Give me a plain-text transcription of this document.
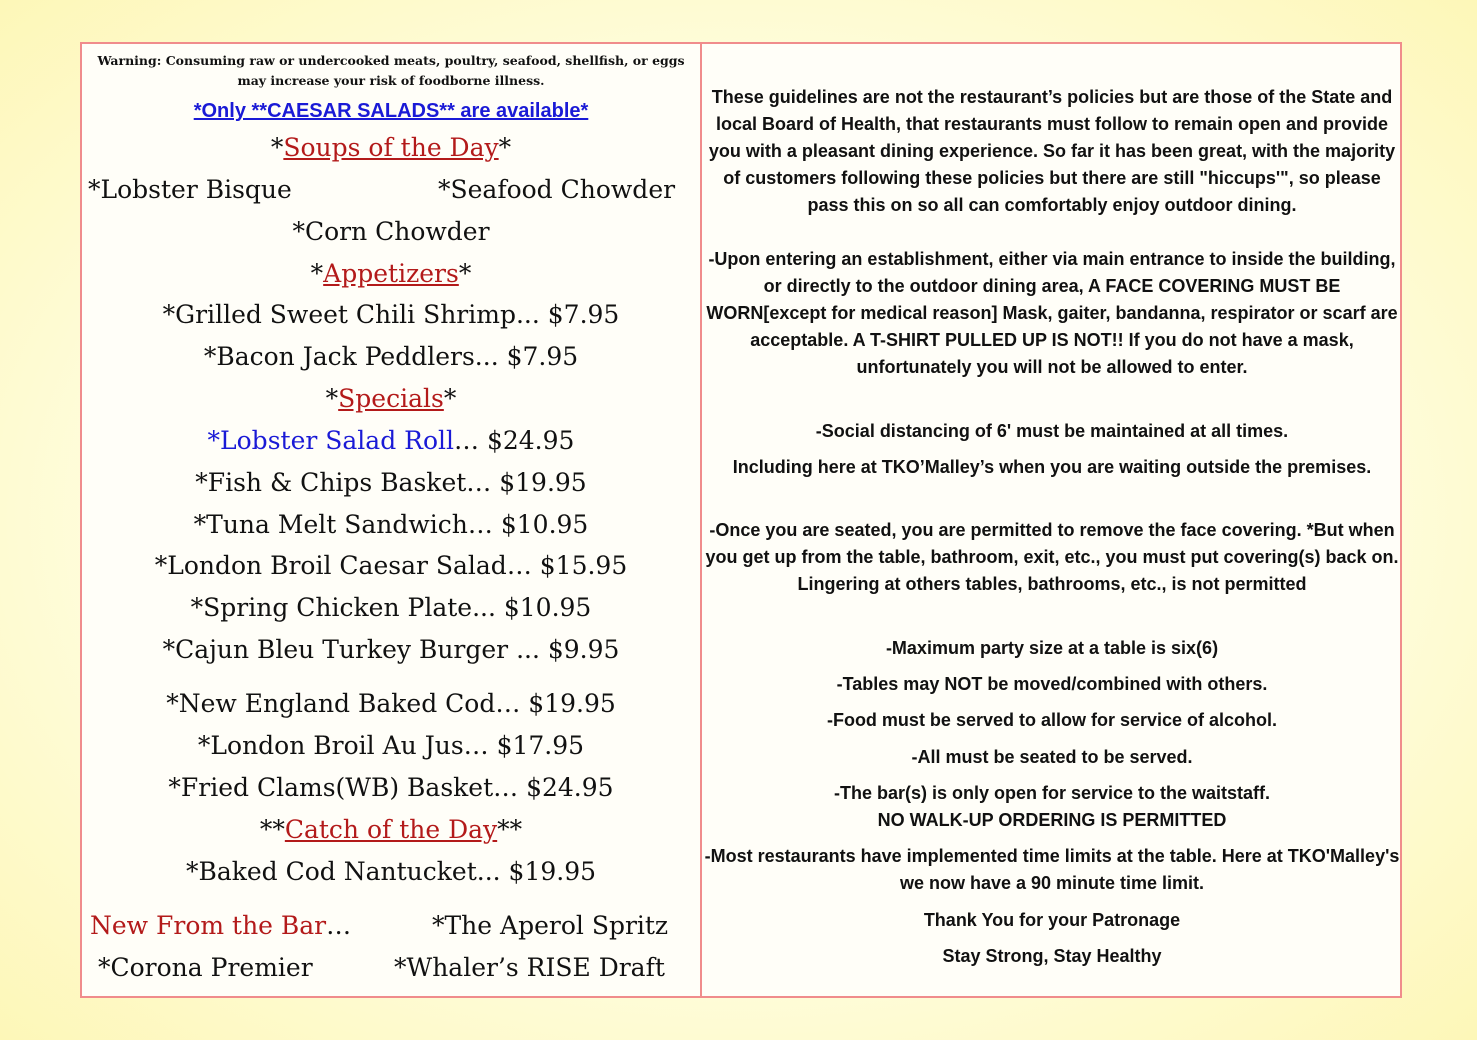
Warning: Consuming raw or undercooked meats, poultry, seafood, shellfish, or eggs may increase your risk of foodborne illness.
*Only **CAESAR SALADS** are available*
*Soups of the Day*
*Lobster Bisque	*Seafood Chowder
*Corn Chowder
*Appetizers*
*Grilled Sweet Chili Shrimp... $7.95
*Bacon Jack Peddlers... $7.95
*Specials*
*Lobster Salad Roll… $24.95
*Fish & Chips Basket… $19.95
*Tuna Melt Sandwich… $10.95
*London Broil Caesar Salad… $15.95
*Spring Chicken Plate... $10.95
*Cajun Bleu Turkey Burger ... $9.95
*New England Baked Cod… $19.95
*London Broil Au Jus… $17.95
*Fried Clams(WB) Basket… $24.95
**Catch of the Day**
*Baked Cod Nantucket... $19.95
New From the Bar…	*The Aperol Spritz
*Corona Premier	*Whaler’s RISE Draft
These guidelines are not the restaurant’s policies but are those of the State and local Board of Health, that restaurants must follow to remain open and provide you with a pleasant dining experience. So far it has been great, with the majority of customers following these policies but there are still "hiccups'", so please pass this on so all can comfortably enjoy outdoor dining.
-Upon entering an establishment, either via main entrance to inside the building, or directly to the outdoor dining area, A FACE COVERING MUST BE WORN[except for medical reason] Mask, gaiter, bandanna, respirator or scarf are acceptable. A T-SHIRT PULLED UP IS NOT!! If you do not have a mask, unfortunately you will not be allowed to enter.
-Social distancing of 6' must be maintained at all times.
Including here at TKO’Malley’s when you are waiting outside the premises.
-Once you are seated, you are permitted to remove the face covering. *But when you get up from the table, bathroom, exit, etc., you must put covering(s) back on. Lingering at others tables, bathrooms, etc., is not permitted
-Maximum party size at a table is six(6)
-Tables may NOT be moved/combined with others.
-Food must be served to allow for service of alcohol.
-All must be seated to be served.
-The bar(s) is only open for service to the waitstaff.
NO WALK-UP ORDERING IS PERMITTED
-Most restaurants have implemented time limits at the table. Here at TKO'Malley's we now have a 90 minute time limit.
Thank You for your Patronage
Stay Strong, Stay Healthy
